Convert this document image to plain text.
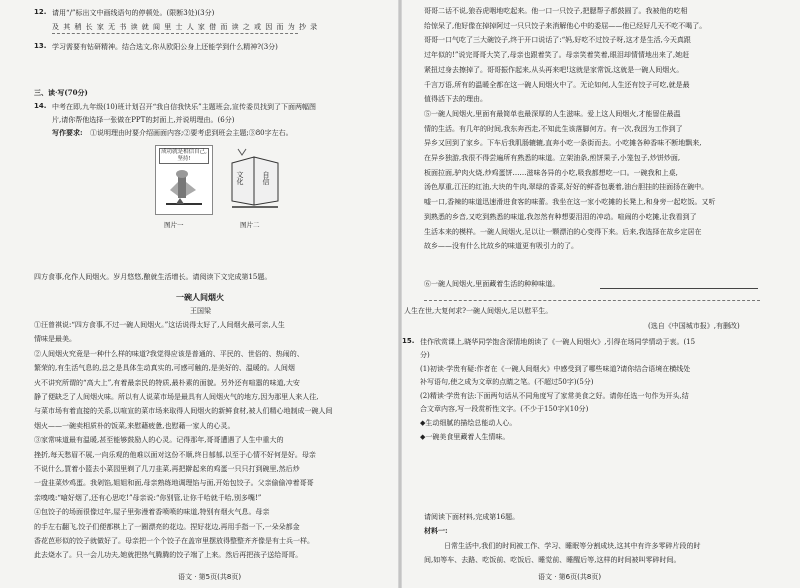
12. 请用“/”标出文中画线语句的停顿处。(限断3处)(3分)
及 其 稍 长 家 无 书 读 就 闾 里 士 人 家 借 而 读 之 或 因 而 为 抄 录
13. 学习需要有钻研精神。结合选文,你从欧阳公身上还能学到什么精神?(3分)
三、读·写(70分)
14. 中考在即,九年级(10)班计划召开“我自信我快乐”主题班会,宣传委员找到了下面两幅图
片,请你帮他选择一张做在PPT的封面上,并说明理由。(6分)
写作要求: ①说明理由时要介绍画面内容;②要考虑到班会主题;③80字左右。
成功就是相信自己,坚持!
图片一
文化	自信
图片二
四方食事,化作人间烟火。岁月悠悠,酿就生活增长。请阅读下文完成第15题。
一碗人间烟火
王国梁
①汪曾祺说:“四方食事,不过一碗人间烟火。”这话说得太好了,人间烟火最可亲,人生
情味是最美。
②人间烟火究竟是一种什么样的味道?我觉得应该是普通的、平民的、世俗的、热闹的、
繁荣的,有生活气息的,总之是具体生动真实的,可感可触的,是美好的、温暖的。人间烟
火不讲究所谓的“高大上”,有着最亲民的特质,最朴素的面貌。另外还有喧嚣的味道,大安
静了便缺乏了人间烟火味。所以有人说菜市场是最具有人间烟火气的地方,因为那里人来人往,
与菜市场有着直接的关系,以喧宣的菜市场来取得人间烟火的新鲜食材,被人们精心地制成一碗人间
烟火——一碗卖相质朴的饭菜,来慰藉疲惫,也慰藉一家人的心灵。
③家常味道最有温暖,甚至能够鼓励人的心灵。记得那年,哥哥遭遇了人生中重大的
挫折,每天愁眉不展,一向乐观的他难以面对这份不顺,终日郁郁,以至于心情不好何是好。母亲
不说什么,買着小篮去小菜园里剃了几刀韭菜,再把擀起来的鸡蛋一只只打到碗里,然后炒
一盘韭菜炒鸡蛋。我剁馅,姐姐和面,母亲熟练地调理馅与面,开始包饺子。父亲偷偷冲着哥哥
亲嗅嗅:“嗆好烟了,还有心思吃!”母亲说:“你别管,让你千哈就千哈,别多嘴!”
④包饺子的场面很像过年,屋子里弥漫着香喷喷的味道,特别有烟火气息。母亲
的手左右翻飞,饺子们便都棋上了一圈漂亮的花边。捏好花边,再用手指一下,一朵朵都金
香花芭形似的饺子就做好了。母亲把一个个饺子在盖帘里摆放得整整齐齐像是有士兵一样。
此去烧水了。只一会儿功夫,她就把热气腾腾的饺子端了上来。然后再把孩子送给哥哥。
语文 · 第5页(共8页)
哥哥二话不说,狼吞虎咽地吃起来。他一口一只饺子,把腮帮子都鼓圆了。我被他的吃相
给惊呆了,他好像在掉掉阿过一只只饺子来消解他心中的委屈——他已经好几天不吃不喝了。
哥哥一口气吃了三大碗饺子,终于开口说话了:“妈,好吃不过饺子呀,这才是生活,今天真跟
过年似的!”说完哥哥大笑了,母亲也跟着笑了。母亲笑着笑着,眼泪却情情地出来了,她赶
紧扭过身去擦掉了。哥哥振作起来,从头再来吧!这就是家常饭,这就是一碗人间烟火。
千言万语,所有的温暖全都在这一碗人间烟火中了。无论如何,人生还有饺子可吃,就是最
值得活下去的理由。
⑤一碗人间烟火,里面有最简单也最深厚的人生滋味。爱上这人间烟火,才能留住最温
情的生活。有几年的时间,我东奔西走,不知此生该落脚何方。有一次,我因为工作到了
异乡又回到了家乡。下车后我肌肠辘辘,直奔小吃一条街而去。小吃摊各种香味不断地飘来,
在异乡独游,我很不得尝遍所有熟悉的味道。立架油条,煎饼果子,小笼包子,炒饼炒面,
板面拉面,驴肉火烧,炒鸡蛋饼……滋味各异的小吃,吸我都想吃一口。一碗我和上桌,
汤色厚重,江汪的红油,大块的牛肉,翠绿的香菜,好好的鲜香包裹着,油台胆挂的挂面扬在碗中。
嘘一口,香辣的味道迅速滑进食客的味蕾。我坐在这一家小吃摊的长凳上,和身旁一起吃饭。又听
到熟悉的乡音,又吃到熟悉的味道,我忽然有种想要泪泪的冲动。喧闹的小吃摊,让我看到了
生活本来的模样。一碗人间烟火,足以让一颗漂泊的心变得下来。后来,我选择在故乡定居在
故乡——没有什么比故乡的味道更有吸引力的了。
⑥一碗人间烟火,里面藏着生活的种种味道。
人生在世,大复何求?一碗人间烟火,足以慰平生。
(选自《中国城市报》,有删改)
15. 佳作欣赏课上,晓华同学饱含深情地朗读了《一碗人间烟火》,引得在场同学情动于衷。(15
分)
(1)初读·学贵有疑:作者在《一碗人间烟火》中感受到了哪些味道?请你结合语境在横线处
补写语句,使之成为文章的点睛之笔。(不超过50字)(5分)
(2)精读·学贵有法:下面两句话从不同角度写了家常美食之好。请你任选一句作为开头,结
合文章内容,写一段赏析性文字。(不少于150字)(10分)
◆生动细腻的描绘总能动人心。
◆一碗美食里藏着人生情味。
请阅读下面材料,完成第16题。
材料一:
日常生活中,我们的时间被工作、学习、睡眠等分割成块,这其中有许多零碎片段的时
间,如等车、去路、吃饭前、吃饭后、睡觉前、睡醒后等,这样的时间被叫零碎时间。
语文 · 第6页(共8页)
